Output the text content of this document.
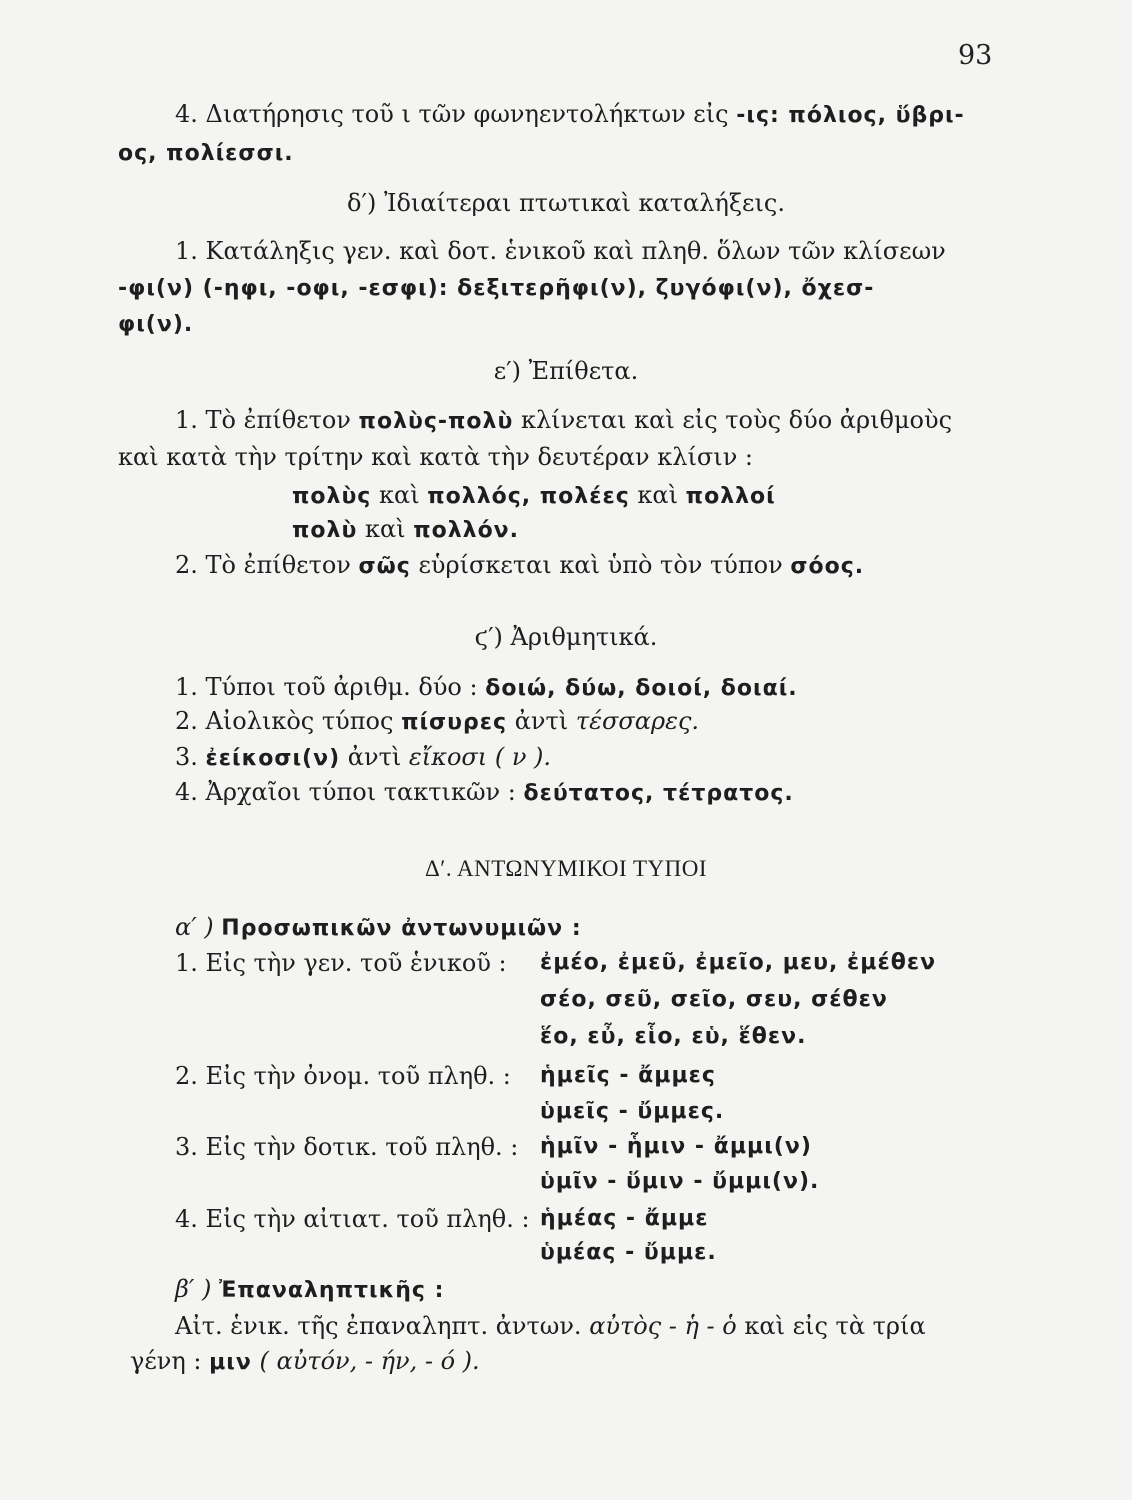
93
4. Διατήρησις τοῦ ι τῶν φωνηεντολήκτων εἰς -ις: πόλιος, ὕβρι-
ος, πολίεσσι.
δ′) Ἰδιαίτεραι πτωτικαὶ καταλήξεις.
1. Κατάληξις γεν. καὶ δοτ. ἑνικοῦ καὶ πληθ. ὅλων τῶν κλίσεων
-φι(ν) (-ηφι, -οφι, -εσφι): δεξιτερῆφι(ν), ζυγόφι(ν), ὄχεσ-
φι(ν).
ε′) Ἐπίθετα.
1. Τὸ ἐπίθετον πολὺς-πολὺ κλίνεται καὶ εἰς τοὺς δύο ἀριθμοὺς
καὶ κατὰ τὴν τρίτην καὶ κατὰ τὴν δευτέραν κλίσιν :
πολὺς καὶ πολλός, πολέες καὶ πολλοί
πολὺ καὶ πολλόν.
2. Τὸ ἐπίθετον σῶς εὑρίσκεται καὶ ὑπὸ τὸν τύπον σόος.
ϛ′) Ἀριθμητικά.
1. Τύποι τοῦ ἀριθμ. δύο : δοιώ, δύω, δοιοί, δοιαί.
2. Αἰολικὸς τύπος πίσυρες ἀντὶ τέσσαρες.
3. ἐείκοσι(ν) ἀντὶ εἴκοσι ( ν ).
4. Ἀρχαῖοι τύποι τακτικῶν : δεύτατος, τέτρατος.
Δ′. ΑΝΤΩΝΥΜΙΚΟΙ ΤΥΠΟΙ
α′ ) Προσωπικῶν ἀντωνυμιῶν :
1. Εἰς τὴν γεν. τοῦ ἑνικοῦ : ἐμέο, ἐμεῦ, ἐμεῖο, μευ, ἐμέθεν
σέο, σεῦ, σεῖο, σευ, σέθεν
ἕο, εὖ, εἷο, εὑ, ἕθεν.
2. Εἰς τὴν ὀνομ. τοῦ πληθ. : ἡμεῖς - ἄμμες
ὑμεῖς - ὔμμες.
3. Εἰς τὴν δοτικ. τοῦ πληθ. : ἡμῖν - ἧμιν - ἄμμι(ν)
ὑμῖν - ὕμιν - ὔμμι(ν).
4. Εἰς τὴν αἰτιατ. τοῦ πληθ. : ἡμέας - ἄμμε
ὑμέας - ὔμμε.
β′ ) Ἐπαναληπτικῆς :
Αἰτ. ἑνικ. τῆς ἐπαναληπτ. ἀντων. αὐτὸς - ἡ - ὁ καὶ εἰς τὰ τρία
γένη : μιν ( αὐτόν, - ήν, - ό ).
